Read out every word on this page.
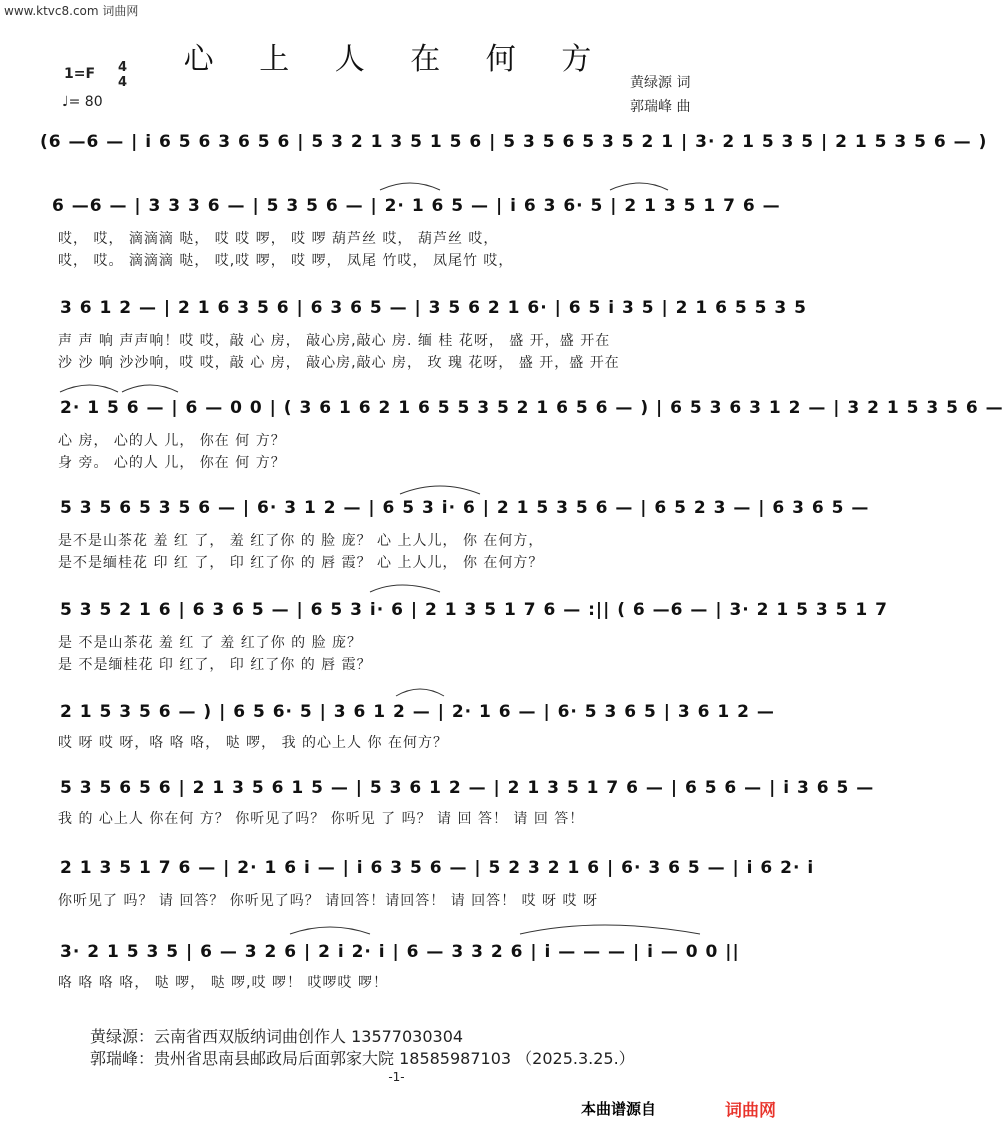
www.ktvc8.com 词曲网
心 上 人 在 何 方
1=F 4
4
♩= 80
黄绿源 词
郭瑞峰 曲
(6 —6 — | i 6 5 6 3 6 5 6 | 5 3 2 1 3 5 1 5 6 | 5 3 5 6 5 3 5 2 1 | 3· 2 1 5 3 5 | 2 1 5 3 5 6 — )
6 —6 — | 3 3 3 6 — | 5 3 5 6 — | 2· 1 6 5 — | i 6 3 6· 5 | 2 1 3 5 1 7 6 —
哎， 哎， 滴滴滴 哒， 哎 哎 啰， 哎 啰 葫芦丝 哎， 葫芦丝 哎，
哎， 哎。 滴滴滴 哒， 哎,哎 啰， 哎 啰， 凤尾 竹哎， 凤尾竹 哎，
3 6 1 2 — | 2 1 6 3 5 6 | 6 3 6 5 — | 3 5 6 2 1 6· | 6 5 i 3 5 | 2 1 6 5 5 3 5
声 声 响 声声响！哎 哎，敲 心 房， 敲心房,敲心 房. 缅 桂 花呀， 盛 开，盛 开在
沙 沙 响 沙沙响，哎 哎，敲 心 房， 敲心房,敲心 房， 玫 瑰 花呀， 盛 开，盛 开在
2· 1 5 6 — | 6 — 0 0 | ( 3 6 1 6 2 1 6 5 5 3 5 2 1 6 5 6 — ) | 6 5 3 6 3 1 2 — | 3 2 1 5 3 5 6 —
心 房， 心的人 儿， 你在 何 方？
身 旁。 心的人 儿， 你在 何 方？
5 3 5 6 5 3 5 6 — | 6· 3 1 2 — | 6 5 3 i· 6 | 2 1 5 3 5 6 — | 6 5 2 3 — | 6 3 6 5 —
是不是山茶花 羞 红 了， 羞 红了你 的 脸 庞？ 心 上人儿， 你 在何方，
是不是缅桂花 印 红 了， 印 红了你 的 唇 霞？ 心 上人儿， 你 在何方？
5 3 5 2 1 6 | 6 3 6 5 — | 6 5 3 i· 6 | 2 1 3 5 1 7 6 — :|| ( 6 —6 — | 3· 2 1 5 3 5 1 7
是 不是山茶花 羞 红 了 羞 红了你 的 脸 庞？
是 不是缅桂花 印 红了， 印 红了你 的 唇 霞？
2 1 5 3 5 6 — ) | 6 5 6· 5 | 3 6 1 2 — | 2· 1 6 — | 6· 5 3 6 5 | 3 6 1 2 —
哎 呀 哎 呀，咯 咯 咯， 哒 啰， 我 的心上人 你 在何方？
5 3 5 6 5 6 | 2 1 3 5 6 1 5 — | 5 3 6 1 2 — | 2 1 3 5 1 7 6 — | 6 5 6 — | i 3 6 5 —
我 的 心上人 你在何 方？ 你听见了吗？ 你听见 了 吗？ 请 回 答！ 请 回 答！
2 1 3 5 1 7 6 — | 2· 1 6 i — | i 6 3 5 6 — | 5 2 3 2 1 6 | 6· 3 6 5 — | i 6 2· i
你听见了 吗？ 请 回答？ 你听见了吗？ 请回答！请回答！ 请 回答！ 哎 呀 哎 呀
3· 2 1 5 3 5 | 6 — 3 2 6 | 2 i 2· i | 6 — 3 3 2 6 | i — — — | i — 0 0 ||
咯 咯 咯 咯， 哒 啰， 哒 啰,哎 啰！ 哎啰哎 啰！
黄绿源：云南省西双版纳词曲创作人 13577030304
郭瑞峰：贵州省思南县邮政局后面郭家大院 18585987103 （2025.3.25.）
-1-
本曲谱源自	词曲网
